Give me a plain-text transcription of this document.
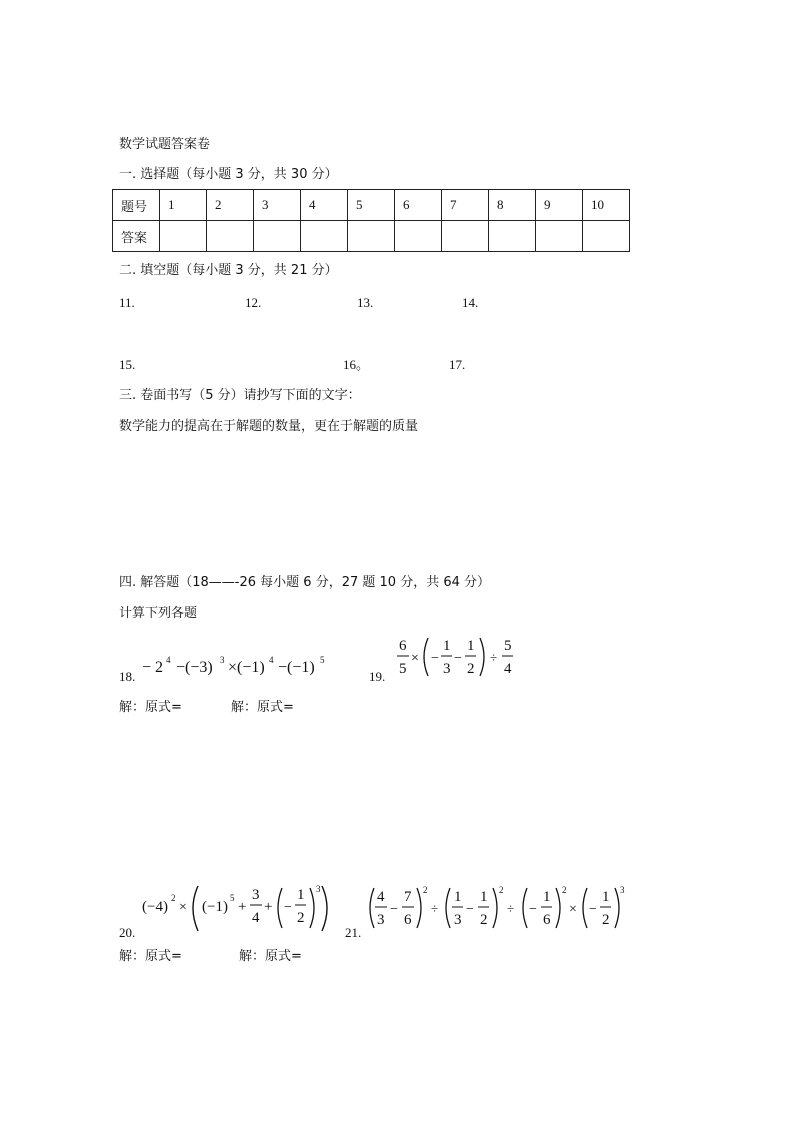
数学试题答案卷
一. 选择题（每小题 3 分，共 30 分）
题号	1	2	3	4	5	6	7	8	9	10
答案										
二. 填空题（每小题 3 分，共 21 分）
11.	12.	13.	14.
15.	16。	17.
三. 卷面书写（5 分）请抄写下面的文字：
数学能力的提高在于解题的数量，更在于解题的质量
四. 解答题（18——-26 每小题 6 分，27 题 10 分，共 64 分）
计算下列各题
18.
− 2 4 −(−3) 3 ×(−1) 4 −(−1) 5
19.
6
5
× −
1
3
−
1
2
÷
5
4
解：原式=	解：原式=
20.
(−4)
2
× (−1)
5
+
3
4
+ −
1
2
3
21.
4
3
−
7
6
2
÷
1
3
−
1
2
2
÷ −
1
6
2
× −
1
2
3
解：原式=	解：原式=
